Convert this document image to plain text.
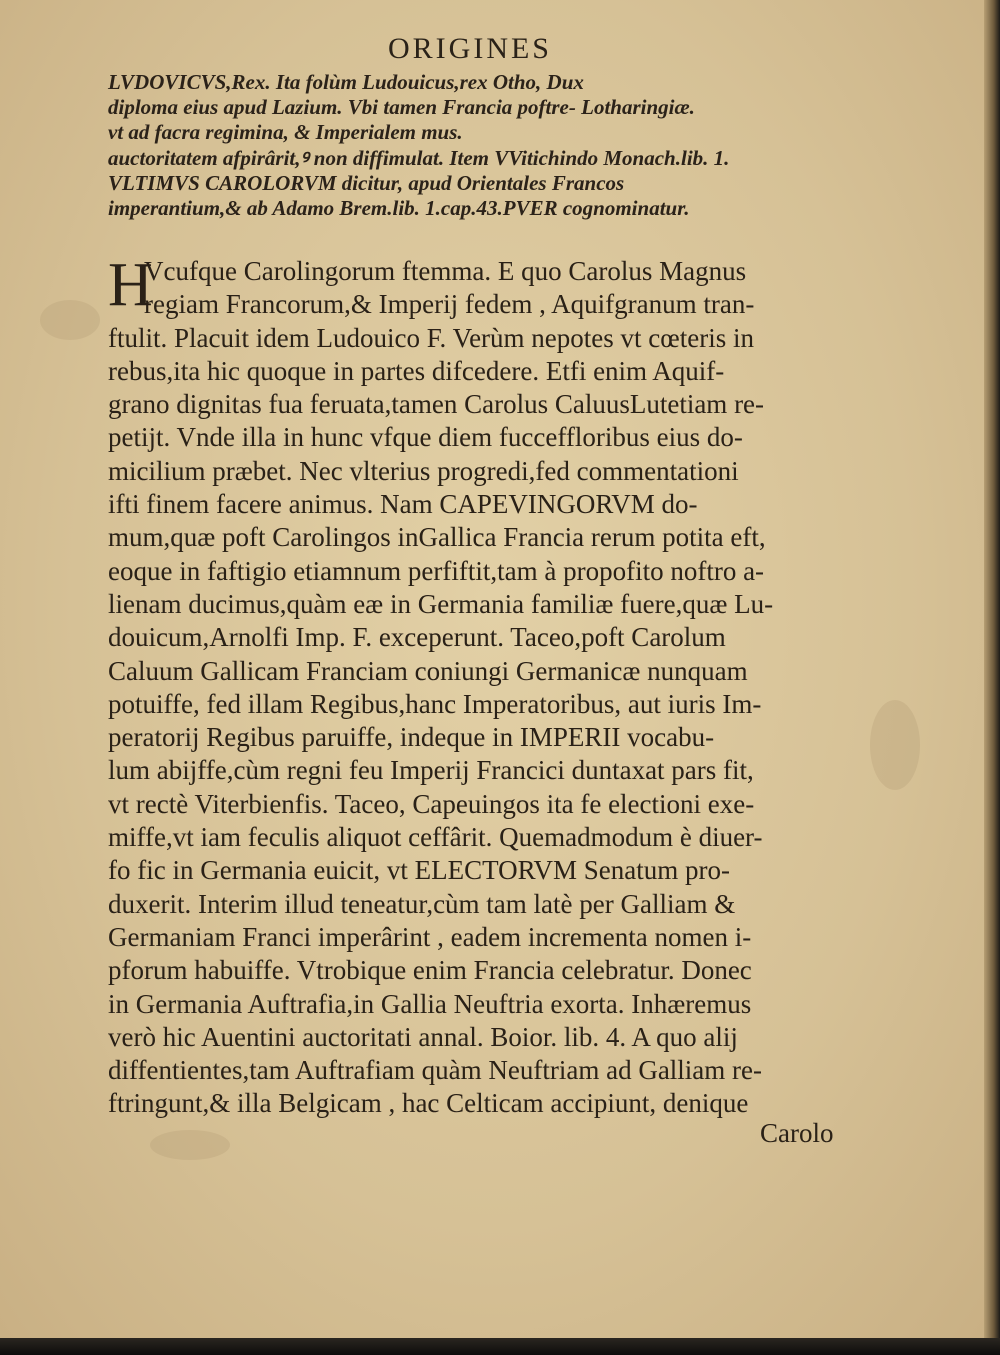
ORIGINES
LVDOVICVS,Rex. Ita folùm Ludouicus,rex Otho, Dux
diploma eius apud Lazium. Vbi tamen Francia poftre- Lotharingiæ.
vt ad facra regimina, & Imperialem mus.
auctoritatem afpirârit,ꝰ non diffimulat. Item VVitichindo Monach.lib. 1.
VLTIMVS CAROLORVM dicitur, apud Orientales Francos
imperantium,& ab Adamo Brem.lib. 1.cap.43.PVER cognominatur.
H
Vcufque Carolingorum ftemma. E quo Carolus Magnus
regiam Francorum,& Imperij fedem , Aquifgranum tran-
ftulit. Placuit idem Ludouico F. Verùm nepotes vt cœteris in
rebus,ita hic quoque in partes difcedere. Etfi enim Aquif-
grano dignitas fua feruata,tamen Carolus CaluusLutetiam re-
petijt. Vnde illa in hunc vfque diem fucceffloribus eius do-
micilium præbet. Nec vlterius progredi,fed commentationi
ifti finem facere animus. Nam CAPEVINGORVM do-
mum,quæ poft Carolingos inGallica Francia rerum potita eft,
eoque in faftigio etiamnum perfiftit,tam à propofito noftro a-
lienam ducimus,quàm eæ in Germania familiæ fuere,quæ Lu-
douicum,Arnolfi Imp. F. exceperunt. Taceo,poft Carolum
Caluum Gallicam Franciam coniungi Germanicæ nunquam
potuiffe, fed illam Regibus,hanc Imperatoribus, aut iuris Im-
peratorij Regibus paruiffe, indeque in IMPERII vocabu-
lum abijffe,cùm regni feu Imperij Francici duntaxat pars fit,
vt rectè Viterbienfis. Taceo, Capeuingos ita fe electioni exe-
miffe,vt iam feculis aliquot ceffârit. Quemadmodum è diuer-
fo fic in Germania euicit, vt ELECTORVM Senatum pro-
duxerit. Interim illud teneatur,cùm tam latè per Galliam &
Germaniam Franci imperârint , eadem incrementa nomen i-
pforum habuiffe. Vtrobique enim Francia celebratur. Donec
in Germania Auftrafia,in Gallia Neuftria exorta. Inhæremus
verò hic Auentini auctoritati annal. Boior. lib. 4. A quo alij
diffentientes,tam Auftrafiam quàm Neuftriam ad Galliam re-
ftringunt,& illa Belgicam , hac Celticam accipiunt, denique
Carolo
